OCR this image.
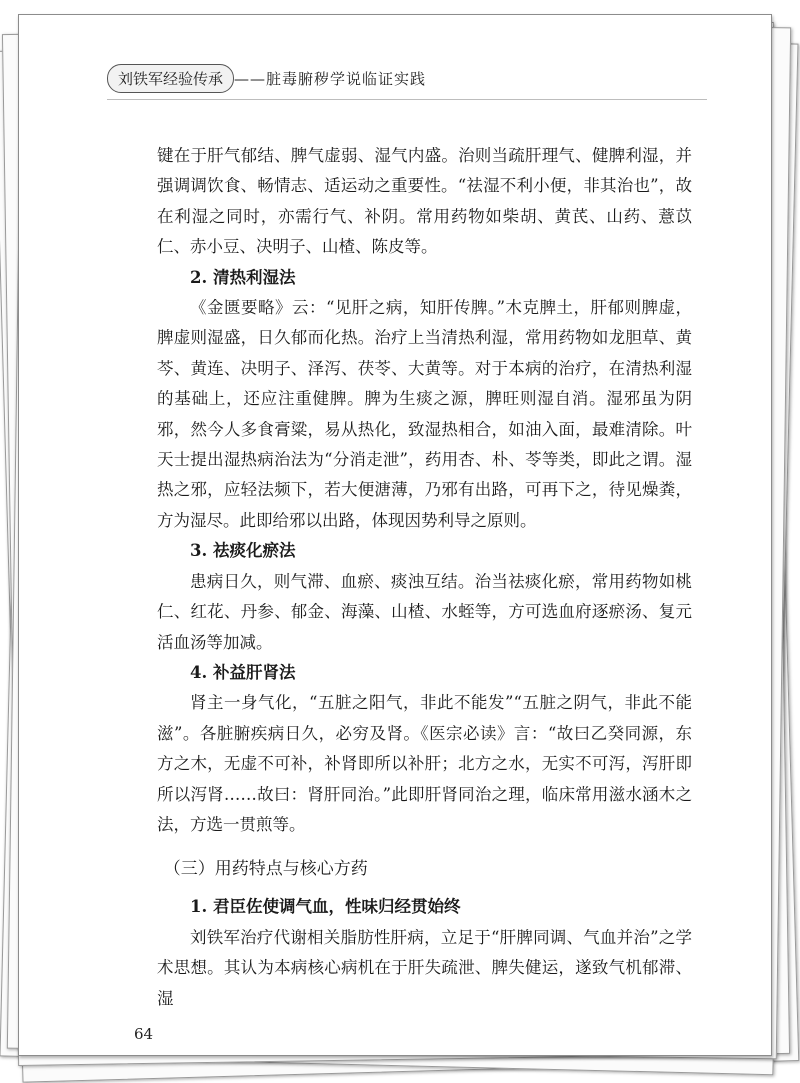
刘铁军经验传承 ——脏毒腑秽学说临证实践

键在于肝气郁结、脾气虚弱、湿气内盛。治则当疏肝理气、健脾利湿，并强调调饮食、畅情志、适运动之重要性。“祛湿不利小便，非其治也”，故在利湿之同时，亦需行气、补阴。常用药物如柴胡、黄芪、山药、薏苡仁、赤小豆、决明子、山楂、陈皮等。

2. 清热利湿法

《金匮要略》云：“见肝之病，知肝传脾。”木克脾土，肝郁则脾虚，脾虚则湿盛，日久郁而化热。治疗上当清热利湿，常用药物如龙胆草、黄芩、黄连、决明子、泽泻、茯苓、大黄等。对于本病的治疗，在清热利湿的基础上，还应注重健脾。脾为生痰之源，脾旺则湿自消。湿邪虽为阴邪，然今人多食膏粱，易从热化，致湿热相合，如油入面，最难清除。叶天士提出湿热病治法为“分消走泄”，药用杏、朴、苓等类，即此之谓。湿热之邪，应轻法频下，若大便溏薄，乃邪有出路，可再下之，待见燥粪，方为湿尽。此即给邪以出路，体现因势利导之原则。

3. 祛痰化瘀法

患病日久，则气滞、血瘀、痰浊互结。治当祛痰化瘀，常用药物如桃仁、红花、丹参、郁金、海藻、山楂、水蛭等，方可选血府逐瘀汤、复元活血汤等加减。

4. 补益肝肾法

肾主一身气化，“五脏之阳气，非此不能发”“五脏之阴气，非此不能滋”。各脏腑疾病日久，必穷及肾。《医宗必读》言：“故曰乙癸同源，东方之木，无虚不可补，补肾即所以补肝；北方之水，无实不可泻，泻肝即所以泻肾……故曰：肾肝同治。”此即肝肾同治之理，临床常用滋水涵木之法，方选一贯煎等。

（三）用药特点与核心方药
1. 君臣佐使调气血，性味归经贯始终

刘铁军治疗代谢相关脂肪性肝病，立足于“肝脾同调、气血并治”之学术思想。其认为本病核心病机在于肝失疏泄、脾失健运，遂致气机郁滞、湿

64
